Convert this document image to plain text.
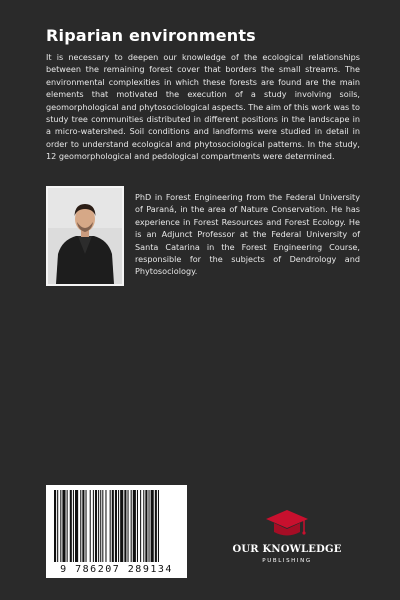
Riparian environments

It is necessary to deepen our knowledge of the ecological relationships between the remaining forest cover that borders the small streams. The environmental complexities in which these forests are found are the main elements that motivated the execution of a study involving soils, geomorphological and phytosociological aspects. The aim of this work was to study tree communities distributed in different positions in the landscape in a micro-watershed. Soil conditions and landforms were studied in detail in order to understand ecological and phytosociological patterns. In the study, 12 geomorphological and pedological compartments were determined.

PhD in Forest Engineering from the Federal University of Paraná, in the area of Nature Conservation. He has experience in Forest Resources and Forest Ecology. He is an Adjunct Professor at the Federal University of Santa Catarina in the Forest Engineering Course, responsible for the subjects of Dendrology and Phytosociology.

9 786207 289134
OUR KNOWLEDGE
PUBLISHING
